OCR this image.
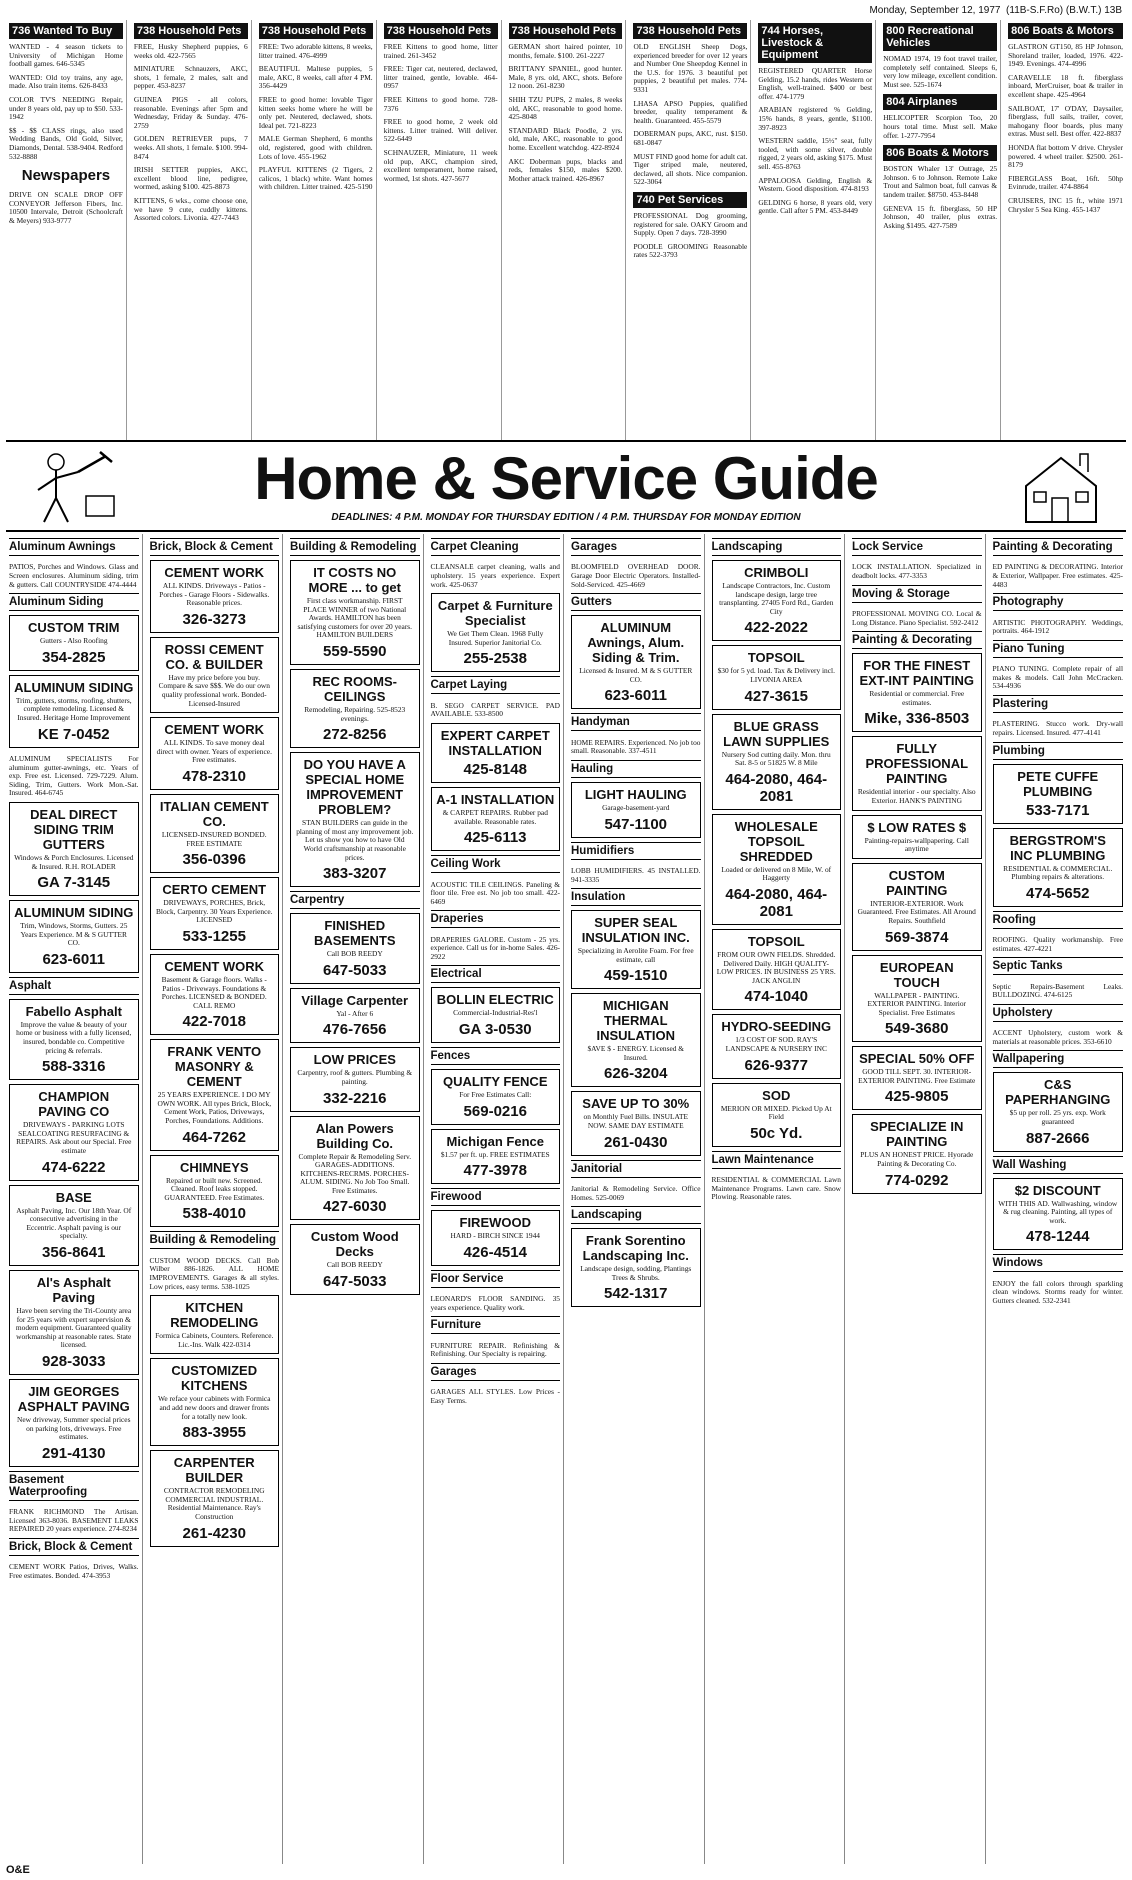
Monday, September 12, 1977
(11B-S.F.Ro) (B.W.T.) 13B
736 Wanted To Buy

WANTED - 4 season tickets to University of Michigan Home football games. 646-5345

WANTED: Old toy trains, any age, made. Also train items. 626-8433

COLOR TV'S NEEDING Repair, under 8 years old, pay up to $50. 533-1942

$$ - $$ CLASS rings, also used Wedding Bands, Old Gold, Silver, Diamonds, Dental. 538-9404. Redford 532-8888

Newspapers

DRIVE ON SCALE DROP OFF CONVEYOR Jefferson Fibers, Inc. 10500 Intervale, Detroit (Schoolcraft & Meyers) 933-9777

738 Household Pets

FREE, Husky Shepherd puppies, 6 weeks old. 422-7565

MINIATURE Schnauzers, AKC, shots, 1 female, 2 males, salt and pepper. 453-8237

GUINEA PIGS - all colors, reasonable. Evenings after 5pm and Wednesday, Friday & Sunday. 476-2759

GOLDEN RETRIEVER pups, 7 weeks. All shots, 1 female. $100. 994-8474

IRISH SETTER puppies, AKC, excellent blood line, pedigree, wormed, asking $100. 425-8873

KITTENS, 6 wks., come choose one, we have 9 cute, cuddly kittens. Assorted colors. Livonia. 427-7443

738 Household Pets

FREE: Two adorable kittens, 8 weeks, litter trained. 476-4999

BEAUTIFUL Maltese puppies, 5 male, AKC, 8 weeks, call after 4 PM. 356-4429

FREE to good home: lovable Tiger kitten seeks home where he will be only pet. Neutered, declawed, shots. Ideal pet. 721-8223

MALE German Shepherd, 6 months old, registered, good with children. Lots of love. 455-1962

PLAYFUL KITTENS (2 Tigers, 2 calicos, 1 black) white. Want homes with children. Litter trained. 425-5190

738 Household Pets

FREE Kittens to good home, litter trained. 261-3452

FREE: Tiger cat, neutered, declawed, litter trained, gentle, lovable. 464-0957

FREE Kittens to good home. 728-7376

FREE to good home, 2 week old kittens. Litter trained. Will deliver. 522-6449

SCHNAUZER, Miniature, 11 week old pup, AKC, champion sired, excellent temperament, home raised, wormed, 1st shots. 427-5677

738 Household Pets

GERMAN short haired pointer, 10 months, female. $100. 261-2227

BRITTANY SPANIEL, good hunter. Male, 8 yrs. old, AKC, shots. Before 12 noon. 261-8230

SHIH TZU PUPS, 2 males, 8 weeks old, AKC, reasonable to good home. 425-8048

STANDARD Black Poodle, 2 yrs. old, male, AKC, reasonable to good home. Excellent watchdog. 422-8924

AKC Doberman pups, blacks and reds, females $150, males $200. Mother attack trained. 426-8967

738 Household Pets

OLD ENGLISH Sheep Dogs, experienced breeder for over 12 years and Number One Sheepdog Kennel in the U.S. for 1976. 3 beautiful pet puppies, 2 beautiful pet males. 774-9331

LHASA APSO Puppies, qualified breeder, quality temperament & health. Guaranteed. 455-5579

DOBERMAN pups, AKC, rust. $150. 681-0847

MUST FIND good home for adult cat. Tiger striped male, neutered, declawed, all shots. Nice companion. 522-3064

740 Pet Services

PROFESSIONAL Dog grooming, registered for sale. OAKY Groom and Supply. Open 7 days. 728-3990

POODLE GROOMING Reasonable rates 522-3793

744 Horses, Livestock & Equipment

REGISTERED QUARTER Horse Gelding, 15.2 hands, rides Western or English, well-trained. $400 or best offer. 474-1779

ARABIAN registered % Gelding, 15% hands, 8 years, gentle, $1100. 397-8923

WESTERN saddle, 15½" seat, fully tooled, with some silver, double rigged, 2 years old, asking $175. Must sell. 455-8763

APPALOOSA Gelding, English & Western. Good disposition. 474-8193

GELDING 6 horse, 8 years old, very gentle. Call after 5 PM. 453-8449

800 Recreational Vehicles

NOMAD 1974, 19 foot travel trailer, completely self contained. Sleeps 6, very low mileage, excellent condition. Must see. 525-1674

804 Airplanes

HELICOPTER Scorpion Too, 20 hours total time. Must sell. Make offer. 1-277-7954

806 Boats & Motors

BOSTON Whaler 13' Outrage, 25 Johnson. 6 to Johnson. Remote Lake Trout and Salmon boat, full canvas & tandem trailer. $8750. 453-8448

GENEVA 15 ft. fiberglass, 50 HP Johnson, 40 trailer, plus extras. Asking $1495. 427-7589

806 Boats & Motors

GLASTRON GT150, 85 HP Johnson, Shoreland trailer, loaded, 1976. 422-1949. Evenings. 474-4996

CARAVELLE 18 ft. fiberglass inboard, MerCruiser, boat & trailer in excellent shape. 425-4964

SAILBOAT, 17' O'DAY, Daysailer, fiberglass, full sails, trailer, cover, mahogany floor boards, plus many extras. Must sell. Best offer. 422-8837

HONDA flat bottom V drive. Chrysler powered. 4 wheel trailer. $2500. 261-8179

FIBERGLASS Boat, 16ft. 50hp Evinrude, trailer. 474-8864

CRUISERS, INC 15 ft., white 1971 Chrysler 5 Sea King. 455-1437

Home & Service Guide
DEADLINES: 4 P.M. MONDAY FOR THURSDAY EDITION / 4 P.M. THURSDAY FOR MONDAY EDITION
Aluminum Awnings

PATIOS, Porches and Windows. Glass and Screen enclosures. Aluminum siding, trim & gutters. Call COUNTRYSIDE 474-4444

Aluminum Siding
CUSTOM TRIM
Gutters - Also Roofing
354-2825
ALUMINUM SIDING
Trim, gutters, storms, roofing, shutters, complete remodeling. Licensed & Insured. Heritage Home Improvement
KE 7-0452

ALUMINUM SPECIALISTS For aluminum gutter-awnings, etc. Years of exp. Free est. Licensed. 729-7229. Alum. Siding, Trim, Gutters. Work Mon.-Sat. Insured. 464-6745

DEAL DIRECT SIDING TRIM GUTTERS
Windows & Porch Enclosures. Licensed & Insured. R.H. ROLADER
GA 7-3145
ALUMINUM SIDING
Trim, Windows, Storms, Gutters. 25 Years Experience. M & S GUTTER CO.
623-6011
Asphalt
Fabello Asphalt
Improve the value & beauty of your home or business with a fully licensed, insured, bondable co. Competitive pricing & referrals.
588-3316
CHAMPION PAVING CO
DRIVEWAYS - PARKING LOTS SEALCOATING RESURFACING & REPAIRS. Ask about our Special. Free estimate
474-6222
BASE
Asphalt Paving, Inc. Our 18th Year. Of consecutive advertising in the Eccentric. Asphalt paving is our specialty.
356-8641
Al's Asphalt Paving
Have been serving the Tri-County area for 25 years with expert supervision & modern equipment. Guaranteed quality workmanship at reasonable rates. State licensed.
928-3033
JIM GEORGES ASPHALT PAVING
New driveway, Summer special prices on parking lots, driveways. Free estimates.
291-4130
Basement Waterproofing

FRANK RICHMOND The Artisan. Licensed 363-8036. BASEMENT LEAKS REPAIRED 20 years experience. 274-8234

Brick, Block & Cement

CEMENT WORK Patios, Drives, Walks. Free estimates. Bonded. 474-3953

Brick, Block & Cement
CEMENT WORK
ALL KINDS. Driveways - Patios - Porches - Garage Floors - Sidewalks. Reasonable prices.
326-3273
ROSSI CEMENT CO. & BUILDER
Have my price before you buy. Compare & save $$$. We do our own quality professional work. Bonded-Licensed-Insured
CEMENT WORK
ALL KINDS. To save money deal direct with owner. Years of experience. Free estimates.
478-2310
ITALIAN CEMENT CO.
LICENSED-INSURED BONDED. FREE ESTIMATE
356-0396
CERTO CEMENT
DRIVEWAYS, PORCHES, Brick, Block, Carpentry. 30 Years Experience. LICENSED
533-1255
CEMENT WORK
Basement & Garage floors. Walks - Patios - Driveways. Foundations & Porches. LICENSED & BONDED. CALL REMO
422-7018
FRANK VENTO MASONRY & CEMENT
25 YEARS EXPERIENCE. I DO MY OWN WORK. All types Brick, Block, Cement Work, Patios, Driveways, Porches, Foundations. Additions.
464-7262
CHIMNEYS
Repaired or built new. Screened. Cleaned. Roof leaks stopped. GUARANTEED. Free Estimates.
538-4010
Building & Remodeling

CUSTOM WOOD DECKS. Call Bob Wilber 886-1826. ALL HOME IMPROVEMENTS. Garages & all styles. Low prices, easy terms. 538-1025

KITCHEN REMODELING
Formica Cabinets, Counters. Reference. Lic.-Ins. Walk 422-0314
CUSTOMIZED KITCHENS
We reface your cabinets with Formica and add new doors and drawer fronts for a totally new look.
883-3955
CARPENTER BUILDER
CONTRACTOR REMODELING COMMERCIAL INDUSTRIAL. Residential Maintenance. Ray's Construction
261-4230
Building & Remodeling
IT COSTS NO MORE ... to get
First class workmanship. FIRST PLACE WINNER of two National Awards. HAMILTON has been satisfying customers for over 20 years. HAMILTON BUILDERS
559-5590
REC ROOMS-CEILINGS
Remodeling, Repairing. 525-8523 evenings.
272-8256
DO YOU HAVE A SPECIAL HOME IMPROVEMENT PROBLEM?
STAN BUILDERS can guide in the planning of most any improvement job. Let us show you how to have Old World craftsmanship at reasonable prices.
383-3207
Carpentry
FINISHED BASEMENTS
Call BOB REEDY
647-5033
Village Carpenter
Yal - After 6
476-7656
LOW PRICES
Carpentry, roof & gutters. Plumbing & painting.
332-2216
Alan Powers Building Co.
Complete Repair & Remodeling Serv. GARAGES-ADDITIONS. KITCHENS-RECRMS. PORCHES-ALUM. SIDING. No Job Too Small. Free Estimates.
427-6030
Custom Wood Decks
Call BOB REEDY
647-5033
Carpet Cleaning

CLEANSALE carpet cleaning, walls and upholstery. 15 years experience. Expert work. 425-0637

Carpet & Furniture Specialist
We Get Them Clean. 1968 Fully Insured. Superior Janitorial Co.
255-2538
Carpet Laying

B. SEGO CARPET SERVICE. PAD AVAILABLE. 533-8500

EXPERT CARPET INSTALLATION
425-8148
A-1 INSTALLATION
& CARPET REPAIRS. Rubber pad available. Reasonable rates.
425-6113
Ceiling Work

ACOUSTIC TILE CEILINGS. Paneling & floor tile. Free est. No job too small. 422-6469

Draperies

DRAPERIES GALORE. Custom - 25 yrs. experience. Call us for in-home Sales. 426-2922

Electrical
BOLLIN ELECTRIC
Commercial-Industrial-Res'l
GA 3-0530
Fences
QUALITY FENCE
For Free Estimates Call:
569-0216
Michigan Fence
$1.57 per ft. up. FREE ESTIMATES
477-3978
Firewood
FIREWOOD
HARD - BIRCH SINCE 1944
426-4514
Floor Service

LEONARD'S FLOOR SANDING. 35 years experience. Quality work.

Furniture

FURNITURE REPAIR. Refinishing & Refinishing. Our Specialty is repairing.

Garages

GARAGES ALL STYLES. Low Prices - Easy Terms.

Garages

BLOOMFIELD OVERHEAD DOOR. Garage Door Electric Operators. Installed-Sold-Serviced. 425-4669

Gutters
ALUMINUM Awnings, Alum. Siding & Trim.
Licensed & Insured. M & S GUTTER CO.
623-6011
Handyman

HOME REPAIRS. Experienced. No job too small. Reasonable. 337-4511

Hauling
LIGHT HAULING
Garage-basement-yard
547-1100
Humidifiers

LOBB HUMIDIFIERS. 45 INSTALLED. 941-3335

Insulation
SUPER SEAL INSULATION INC.
Specializing in Aerolite Foam. For free estimate, call
459-1510
MICHIGAN THERMAL INSULATION
$AVE $ - ENERGY. Licensed & Insured.
626-3204
SAVE UP TO 30%
on Monthly Fuel Bills. INSULATE NOW. SAME DAY ESTIMATE
261-0430
Janitorial

Janitorial & Remodeling Service. Office Homes. 525-0069

Landscaping
Frank Sorentino Landscaping Inc.
Landscape design, sodding, Plantings Trees & Shrubs.
542-1317
Landscaping
CRIMBOLI
Landscape Contractors, Inc. Custom landscape design, large tree transplanting. 27405 Ford Rd., Garden City
422-2022
TOPSOIL
$30 for 5 yd. load. Tax & Delivery incl. LIVONIA AREA
427-3615
BLUE GRASS LAWN SUPPLIES
Nursery Sod cutting daily. Mon. thru Sat. 8-5 or 51825 W. 8 Mile
464-2080, 464-2081
WHOLESALE TOPSOIL SHREDDED
Loaded or delivered on 8 Mile, W. of Haggerty
464-2080, 464-2081
TOPSOIL
FROM OUR OWN FIELDS. Shredded. Delivered Daily. HIGH QUALITY-LOW PRICES. IN BUSINESS 25 YRS. JACK ANGLIN
474-1040
HYDRO-SEEDING
1/3 COST OF SOD. RAY'S LANDSCAPE & NURSERY INC
626-9377
SOD
MERION OR MIXED. Picked Up At Field
50c Yd.
Lawn Maintenance

RESIDENTIAL & COMMERCIAL Lawn Maintenance Programs. Lawn care. Snow Plowing. Reasonable rates.

Lock Service

LOCK INSTALLATION. Specialized in deadbolt locks. 477-3353

Moving & Storage

PROFESSIONAL MOVING CO. Local & Long Distance. Piano Specialist. 592-2412

Painting & Decorating
FOR THE FINEST EXT-INT PAINTING
Residential or commercial. Free estimates.
Mike, 336-8503
FULLY PROFESSIONAL PAINTING
Residential interior - our specialty. Also Exterior. HANK'S PAINTING
$ LOW RATES $
Painting-repairs-wallpapering. Call anytime
CUSTOM PAINTING
INTERIOR-EXTERIOR. Work Guaranteed. Free Estimates. All Around Repairs. Southfield
569-3874
EUROPEAN TOUCH
WALLPAPER - PAINTING. EXTERIOR PAINTING. Interior Specialist. Free Estimates
549-3680
SPECIAL 50% OFF
GOOD TILL SEPT. 30. INTERIOR-EXTERIOR PAINTING. Free Estimate
425-9805
SPECIALIZE IN PAINTING
PLUS AN HONEST PRICE. Hyorade Painting & Decorating Co.
774-0292
Painting & Decorating

ED PAINTING & DECORATING. Interior & Exterior, Wallpaper. Free estimates. 425-4483

Photography

ARTISTIC PHOTOGRAPHY. Weddings, portraits. 464-1912

Piano Tuning

PIANO TUNING. Complete repair of all makes & models. Call John McCracken. 534-4936

Plastering

PLASTERING. Stucco work. Dry-wall repairs. Licensed. Insured. 477-4141

Plumbing
PETE CUFFE PLUMBING
533-7171
BERGSTROM'S INC PLUMBING
RESIDENTIAL & COMMERCIAL. Plumbing repairs & alterations.
474-5652
Roofing

ROOFING. Quality workmanship. Free estimates. 427-4221

Septic Tanks

Septic Repairs-Basement Leaks. BULLDOZING. 474-6125

Upholstery

ACCENT Upholstery, custom work & materials at reasonable prices. 353-6610

Wallpapering
C&S PAPERHANGING
$5 up per roll. 25 yrs. exp. Work guaranteed
887-2666
Wall Washing
$2 DISCOUNT
WITH THIS AD. Wallwashing, window & rug cleaning. Painting, all types of work.
478-1244
Windows

ENJOY the fall colors through sparkling clean windows. Storms ready for winter. Gutters cleaned. 532-2341

O&E
